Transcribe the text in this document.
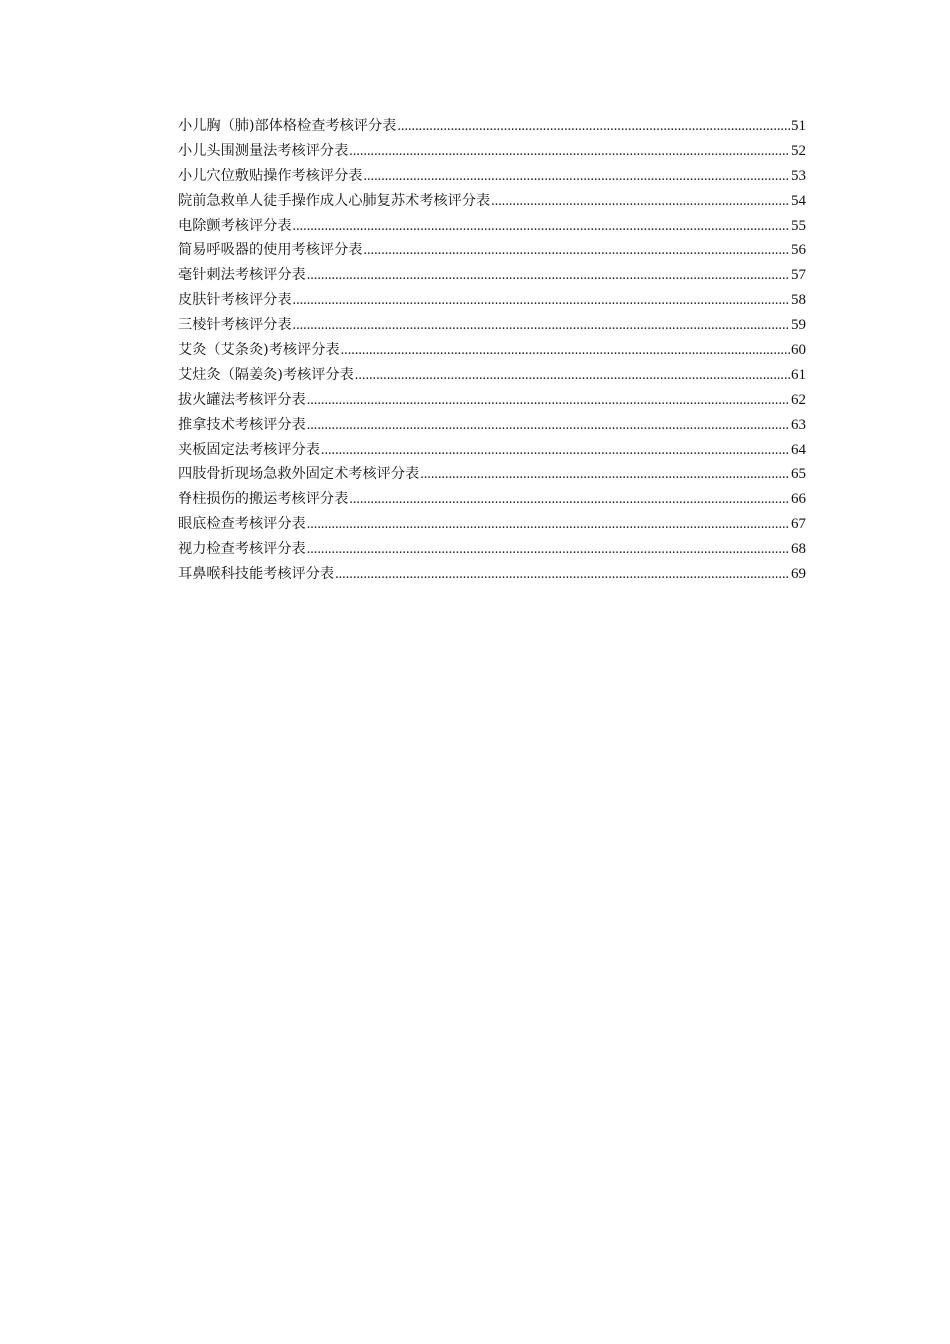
小儿胸（肺)部体格检查考核评分表 .....	51
小儿头围测量法考核评分表 .....	52
小儿穴位敷贴操作考核评分表 .....	53
院前急救单人徒手操作成人心肺复苏术考核评分表 .....	54
电除颤考核评分表 .....	55
简易呼吸器的使用考核评分表 .....	56
毫针刺法考核评分表 .....	57
皮肤针考核评分表 .....	58
三棱针考核评分表 .....	59
艾灸（艾条灸)考核评分表 .....	60
艾炷灸（隔姜灸)考核评分表 .....	61
拔火罐法考核评分表 .....	62
推拿技术考核评分表 .....	63
夹板固定法考核评分表 .....	64
四肢骨折现场急救外固定术考核评分表 .....	65
脊柱损伤的搬运考核评分表 .....	66
眼底检查考核评分表 .....	67
视力检查考核评分表 .....	68
耳鼻喉科技能考核评分表 .....	69
